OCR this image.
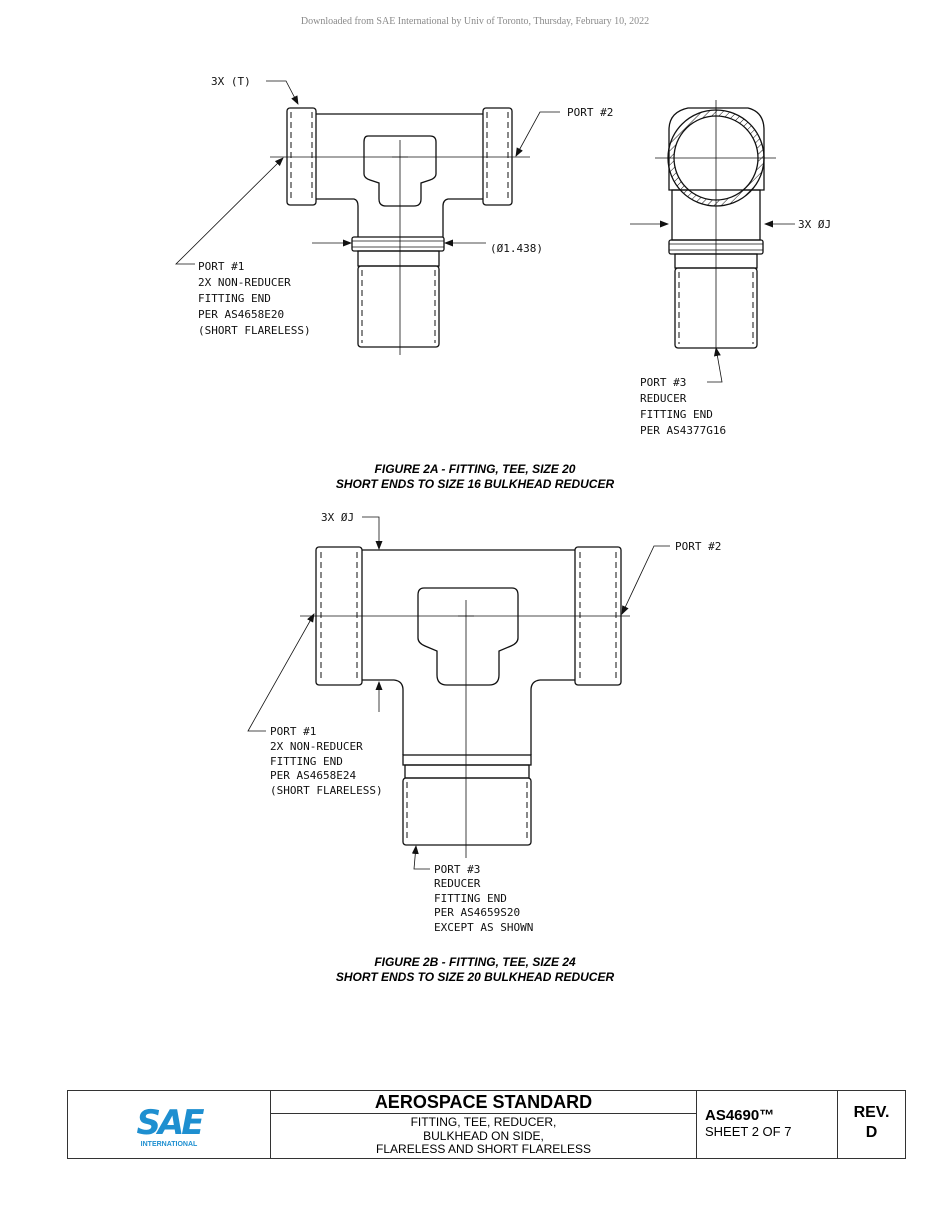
Downloaded from SAE International by Univ of Toronto, Thursday, February 10, 2022
3X (T)
PORT #2
(Ø1.438)
3X ØJ
PORT #1
2X NON-REDUCER
FITTING END
PER AS4658E20
(SHORT FLARELESS)
PORT #3
REDUCER
FITTING END
PER AS4377G16
3X ØJ
PORT #2
PORT #1
2X NON-REDUCER
FITTING END
PER AS4658E24
(SHORT FLARELESS)
PORT #3
REDUCER
FITTING END
PER AS4659S20
EXCEPT AS SHOWN
FIGURE 2A - FITTING, TEE, SIZE 20
SHORT ENDS TO SIZE 16 BULKHEAD REDUCER
FIGURE 2B - FITTING, TEE, SIZE 24
SHORT ENDS TO SIZE 20 BULKHEAD REDUCER
SAE
INTERNATIONAL
AEROSPACE STANDARD
FITTING, TEE, REDUCER,
BULKHEAD ON SIDE,
FLARELESS AND SHORT FLARELESS
AS4690™
SHEET 2 OF 7
REV.
D
